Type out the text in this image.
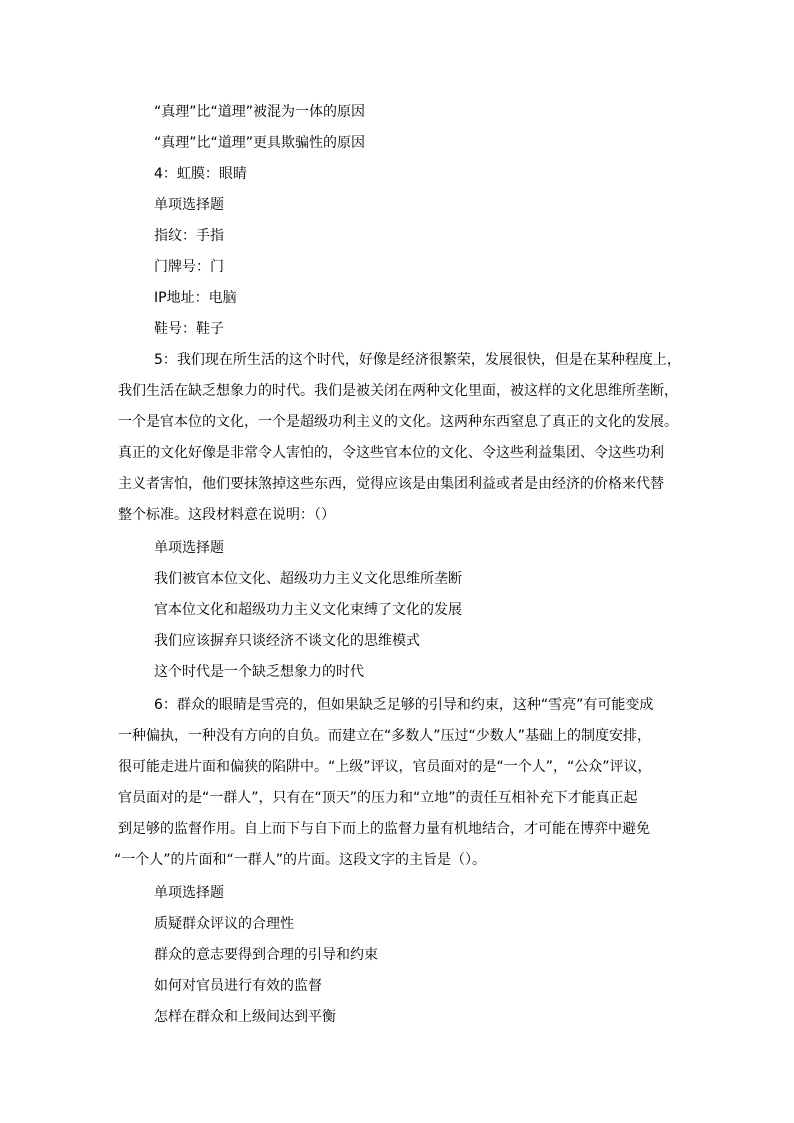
“真理”比“道理”被混为一体的原因
“真理”比“道理”更具欺骗性的原因
4：虹膜：眼睛
单项选择题
指纹：手指
门牌号：门
IP地址：电脑
鞋号：鞋子
5：我们现在所生活的这个时代，好像是经济很繁荣，发展很快，但是在某种程度上，
我们生活在缺乏想象力的时代。我们是被关闭在两种文化里面，被这样的文化思维所垄断，
一个是官本位的文化，一个是超级功利主义的文化。这两种东西窒息了真正的文化的发展。
真正的文化好像是非常令人害怕的，令这些官本位的文化、令这些利益集团、令这些功利
主义者害怕，他们要抹煞掉这些东西，觉得应该是由集团利益或者是由经济的价格来代替
整个标准。这段材料意在说明：（）
单项选择题
我们被官本位文化、超级功力主义文化思维所垄断
官本位文化和超级功力主义文化束缚了文化的发展
我们应该摒弃只谈经济不谈文化的思维模式
这个时代是一个缺乏想象力的时代
6：群众的眼睛是雪亮的，但如果缺乏足够的引导和约束，这种“雪亮”有可能变成
一种偏执，一种没有方向的自负。而建立在“多数人”压过“少数人”基础上的制度安排，
很可能走进片面和偏狭的陷阱中。“上级”评议，官员面对的是“一个人”，“公众”评议，
官员面对的是“一群人”，只有在“顶天”的压力和“立地”的责任互相补充下才能真正起
到足够的监督作用。自上而下与自下而上的监督力量有机地结合，才可能在博弈中避免
“一个人”的片面和“一群人”的片面。这段文字的主旨是（）。
单项选择题
质疑群众评议的合理性
群众的意志要得到合理的引导和约束
如何对官员进行有效的监督
怎样在群众和上级间达到平衡
